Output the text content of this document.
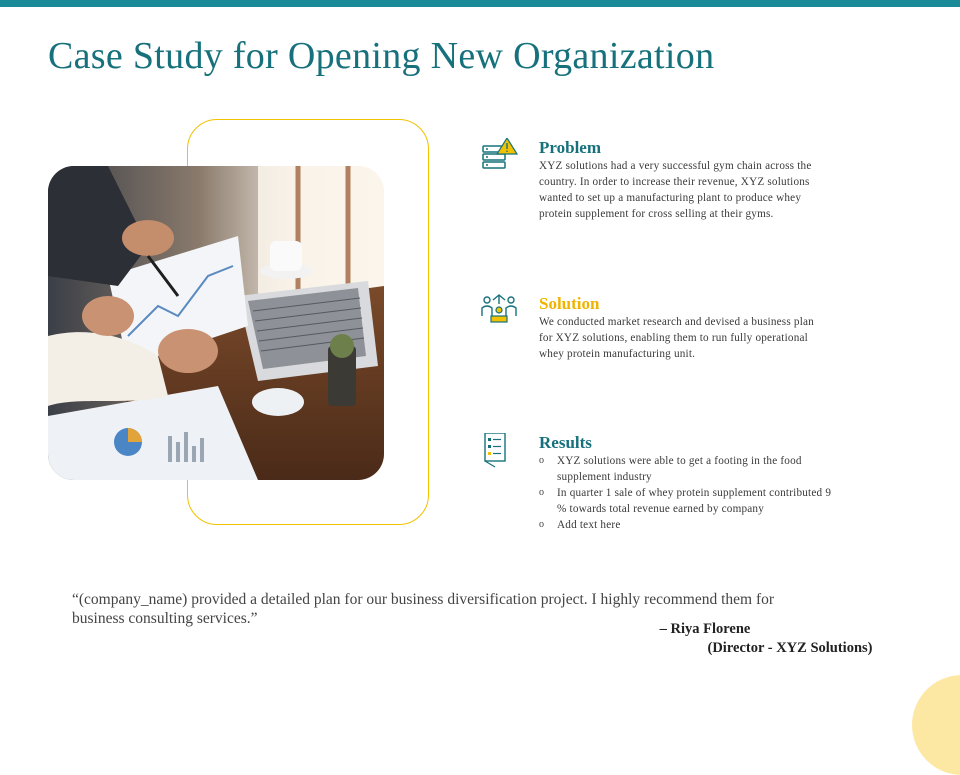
Case Study for Opening New Organization
Problem

XYZ solutions had a very successful gym chain across the
country. In order to increase their revenue, XYZ solutions
wanted to set up a manufacturing plant to produce whey
protein supplement for cross selling at their gyms.

Solution

We conducted market research and devised a business plan
for XYZ solutions, enabling them to run fully operational
whey protein manufacturing unit.

Results
o XYZ solutions were able to get a footing in the food
supplement industry
o In quarter 1 sale of whey protein supplement contributed 9
% towards total revenue earned by company
o Add text here

“(company_name) provided a detailed plan for our business diversification project. I highly recommend them for
business consulting services.”

– Riya Florene

(Director - XYZ Solutions)
